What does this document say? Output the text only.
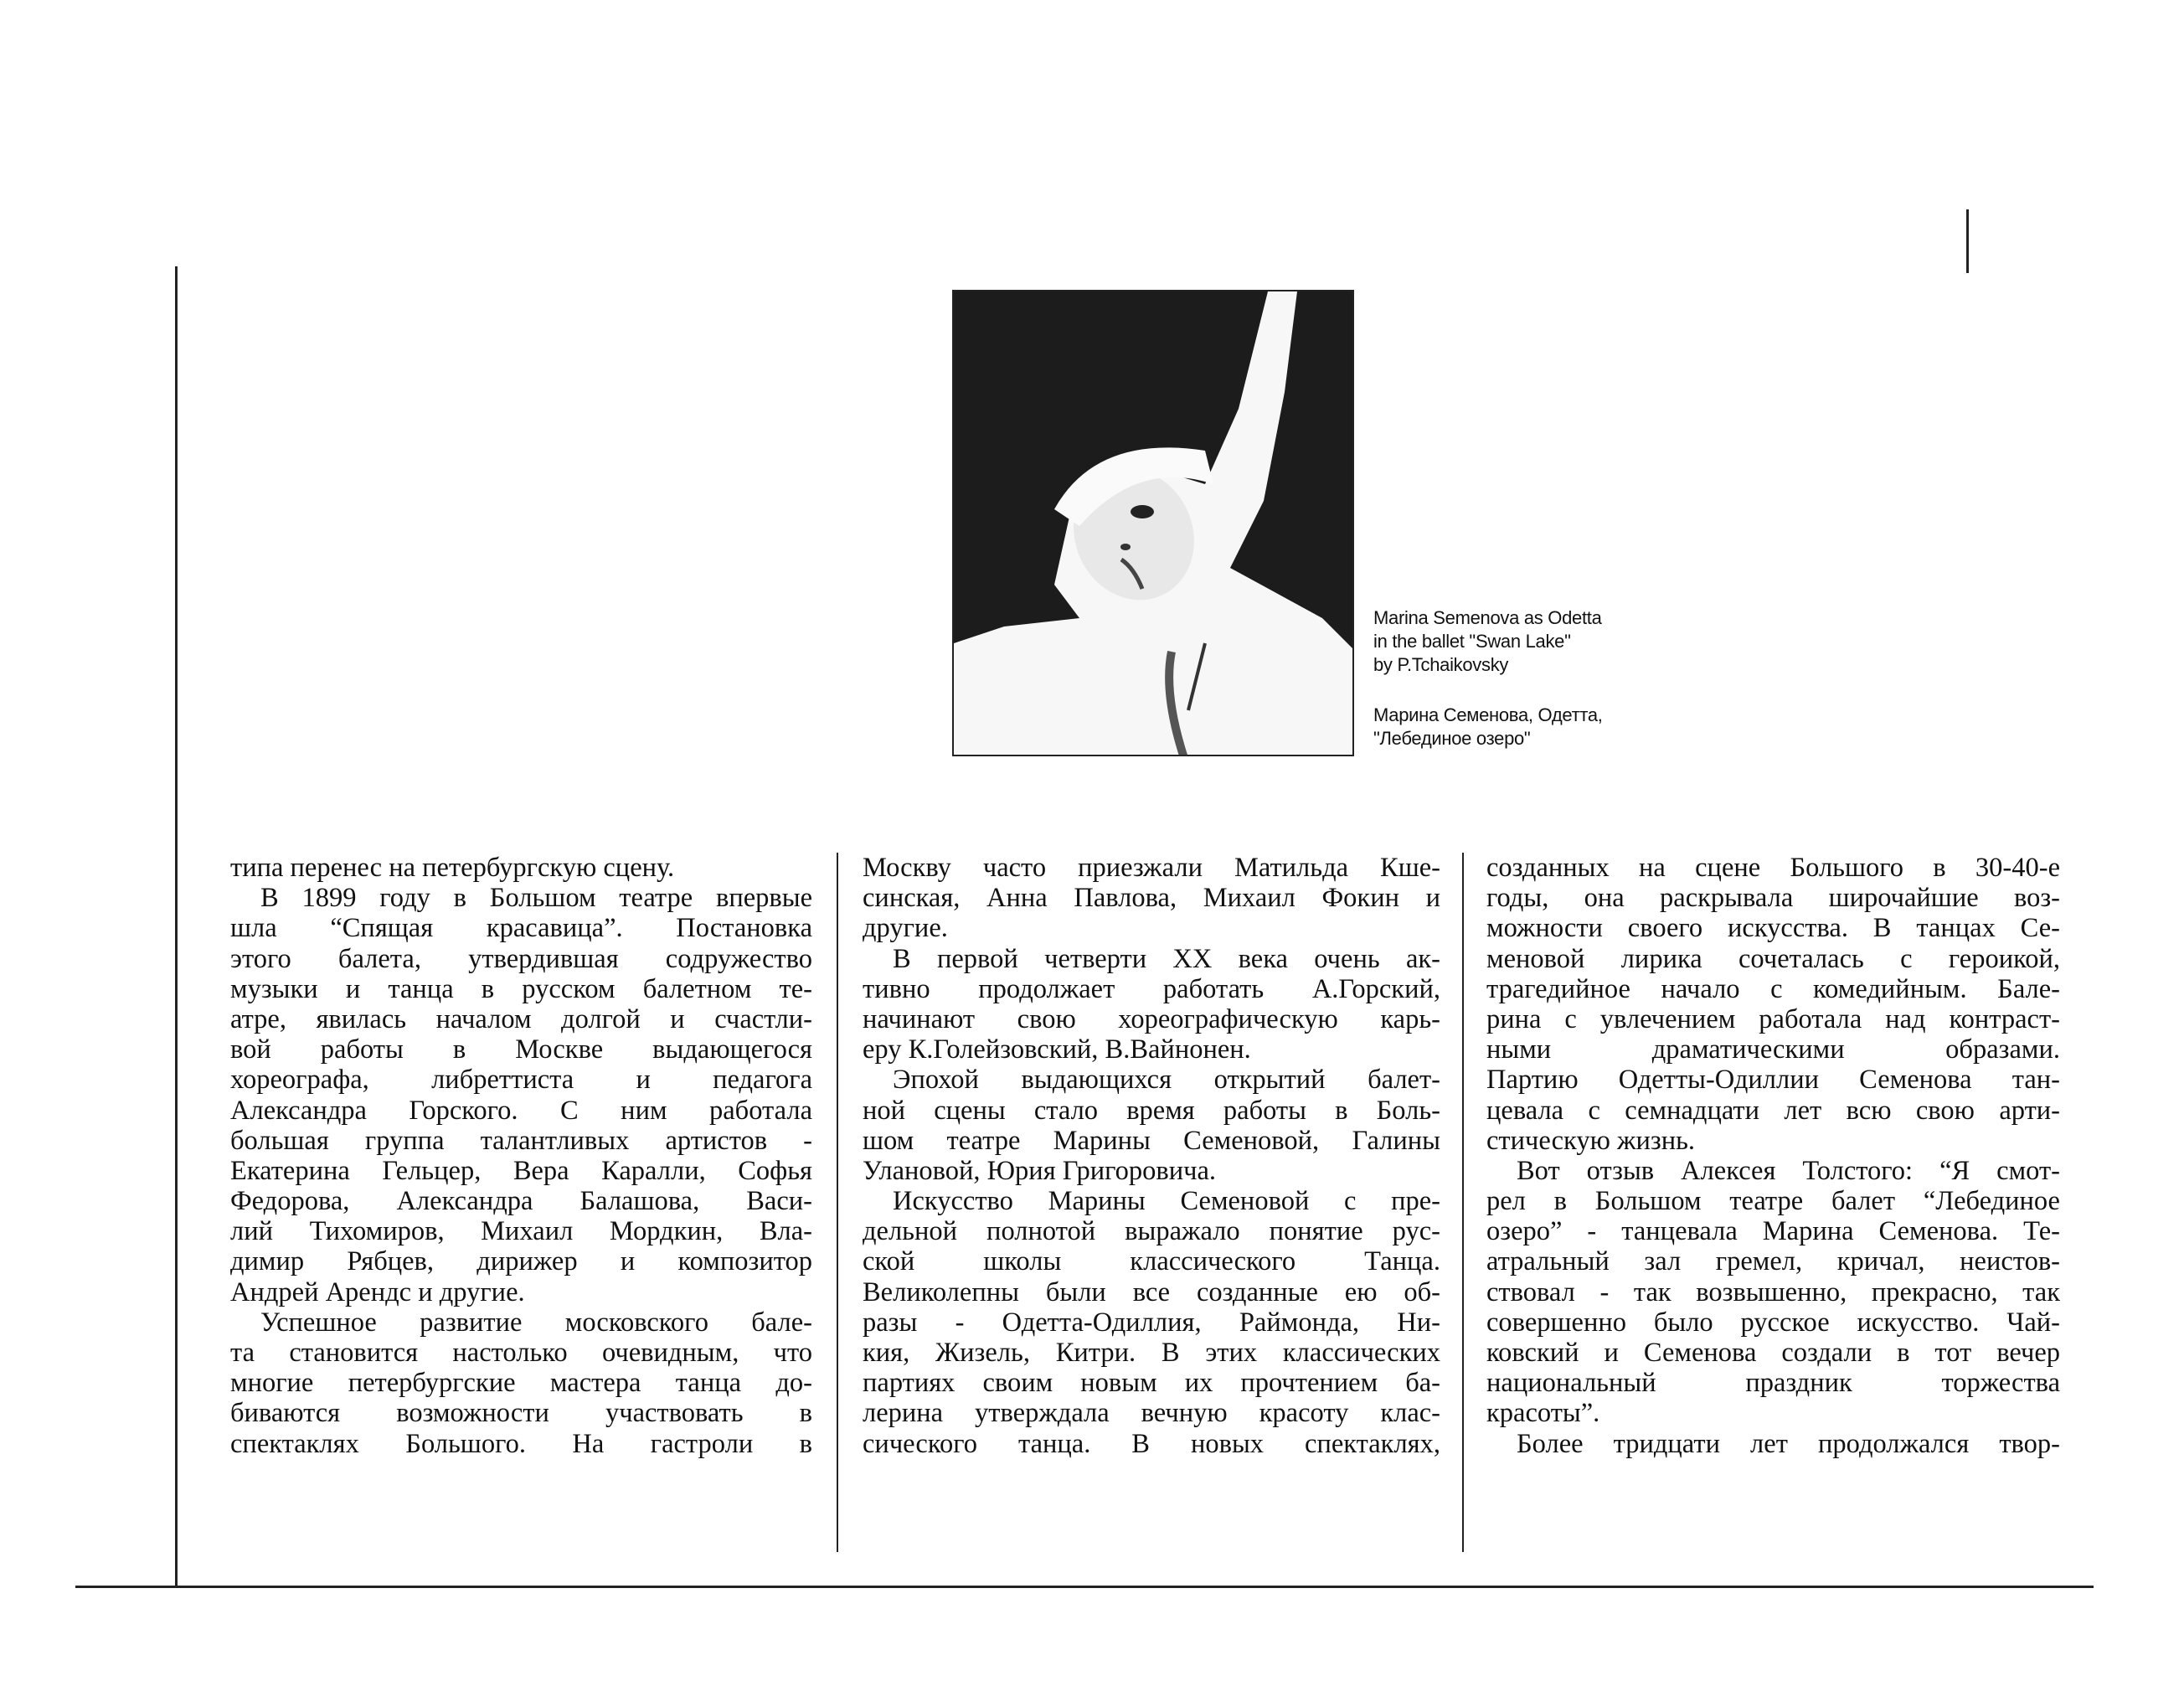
Marina Semenova as Odetta
in the ballet "Swan Lake"
by P.Tchaikovsky
Марина Семенова, Одетта,
"Лебединое озеро"
типа перенес на петербургскую сцену.
В 1899 году в Большом театре впервые
шла “Спящая красавица”. Постановка
этого балета, утвердившая содружество
музыки и танца в русском балетном те-
атре, явилась началом долгой и счастли-
вой работы в Москве выдающегося
хореографа, либреттиста и педагога
Александра Горского. С ним работала
большая группа талантливых артистов -
Екатерина Гельцер, Вера Каралли, Софья
Федорова, Александра Балашова, Васи-
лий Тихомиров, Михаил Мордкин, Вла-
димир Рябцев, дирижер и композитор
Андрей Арендс и другие.
Успешное развитие московского бале-
та становится настолько очевидным, что
многие петербургские мастера танца до-
биваются возможности участвовать в
спектаклях Большого. На гастроли в
Москву часто приезжали Матильда Кше-
синская, Анна Павлова, Михаил Фокин и
другие.
В первой четверти XX века очень ак-
тивно продолжает работать А.Горский,
начинают свою хореографическую карь-
еру К.Голейзовский, В.Вайнонен.
Эпохой выдающихся открытий балет-
ной сцены стало время работы в Боль-
шом театре Марины Семеновой, Галины
Улановой, Юрия Григоровича.
Искусство Марины Семеновой с пре-
дельной полнотой выражало понятие рус-
ской школы классического Танца.
Великолепны были все созданные ею об-
разы - Одетта-Одиллия, Раймонда, Ни-
кия, Жизель, Китри. В этих классических
партиях своим новым их прочтением ба-
лерина утверждала вечную красоту клас-
сического танца. В новых спектаклях,
созданных на сцене Большого в 30-40-е
годы, она раскрывала широчайшие воз-
можности своего искусства. В танцах Се-
меновой лирика сочеталась с героикой,
трагедийное начало с комедийным. Бале-
рина с увлечением работала над контраст-
ными драматическими образами.
Партию Одетты-Одиллии Семенова тан-
цевала с семнадцати лет всю свою арти-
стическую жизнь.
Вот отзыв Алексея Толстого: “Я смот-
рел в Большом театре балет “Лебединое
озеро” - танцевала Марина Семенова. Те-
атральный зал гремел, кричал, неистов-
ствовал - так возвышенно, прекрасно, так
совершенно было русское искусство. Чай-
ковский и Семенова создали в тот вечер
национальный праздник торжества
красоты”.
Более тридцати лет продолжался твор-
